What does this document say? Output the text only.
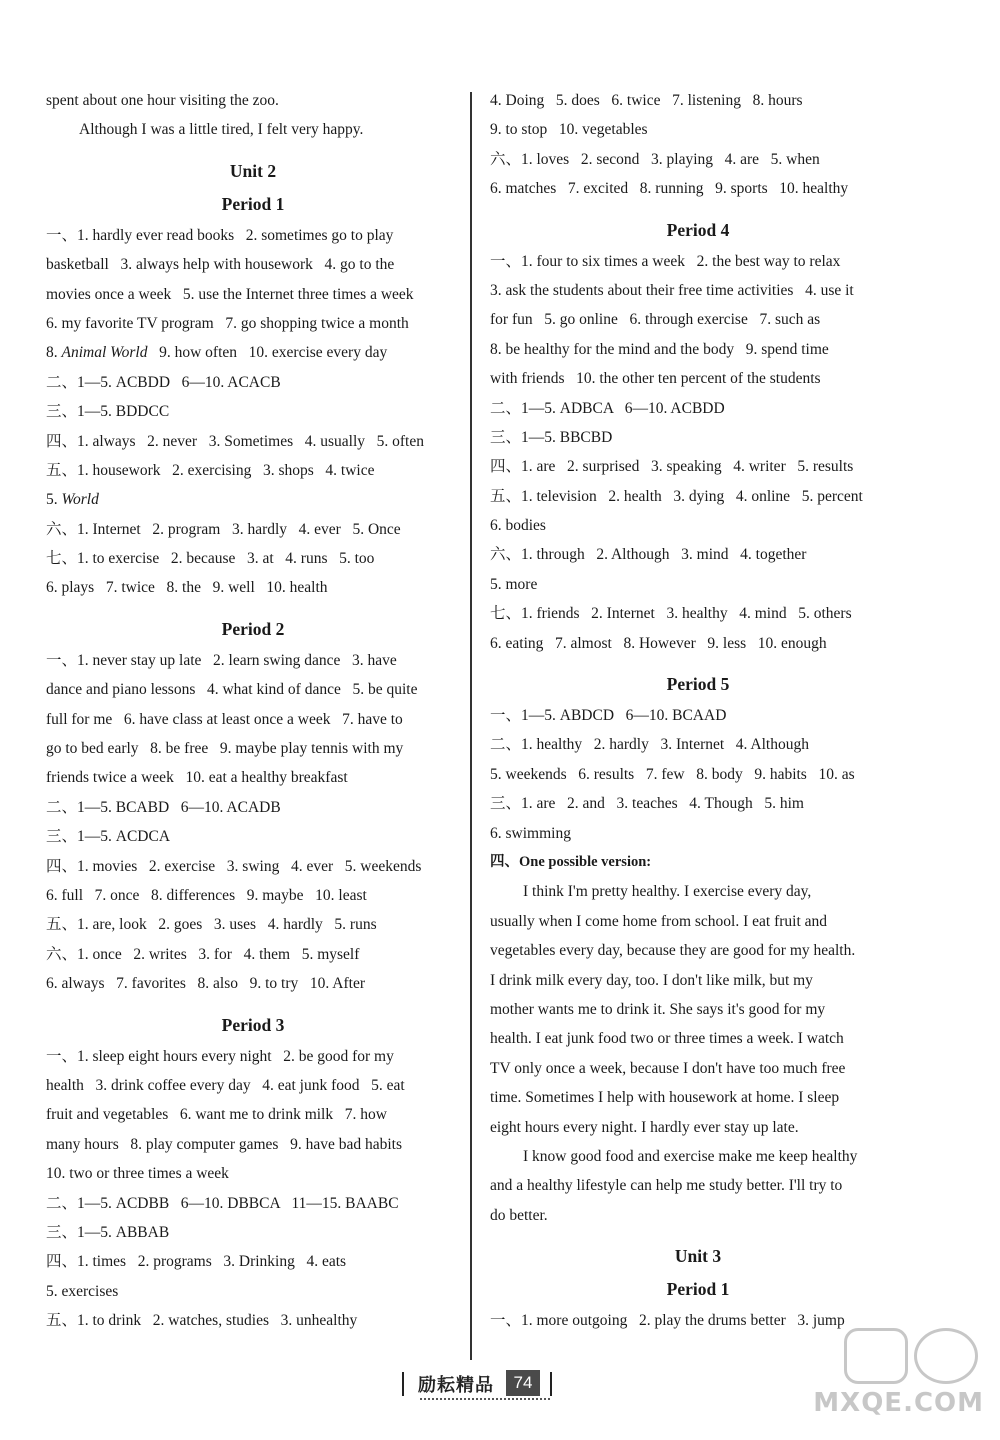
spent about one hour visiting the zoo.
Although I was a little tired, I felt very happy.
Unit 2
Period 1
一、1. hardly ever read books   2. sometimes go to play
basketball   3. always help with housework   4. go to the
movies once a week   5. use the Internet three times a week
6. my favorite TV program   7. go shopping twice a month
8. Animal World   9. how often   10. exercise every day
二、1—5. ACBDD   6—10. ACACB
三、1—5. BDDCC
四、1. always   2. never   3. Sometimes   4. usually   5. often
五、1. housework   2. exercising   3. shops   4. twice
5. World
六、1. Internet   2. program   3. hardly   4. ever   5. Once
七、1. to exercise   2. because   3. at   4. runs   5. too
6. plays   7. twice   8. the   9. well   10. health
Period 2
一、1. never stay up late   2. learn swing dance   3. have
dance and piano lessons   4. what kind of dance   5. be quite
full for me   6. have class at least once a week   7. have to
go to bed early   8. be free   9. maybe play tennis with my
friends twice a week   10. eat a healthy breakfast
二、1—5. BCABD   6—10. ACADB
三、1—5. ACDCA
四、1. movies   2. exercise   3. swing   4. ever   5. weekends
6. full   7. once   8. differences   9. maybe   10. least
五、1. are, look   2. goes   3. uses   4. hardly   5. runs
六、1. once   2. writes   3. for   4. them   5. myself
6. always   7. favorites   8. also   9. to try   10. After
Period 3
一、1. sleep eight hours every night   2. be good for my
health   3. drink coffee every day   4. eat junk food   5. eat
fruit and vegetables   6. want me to drink milk   7. how
many hours   8. play computer games   9. have bad habits
10. two or three times a week
二、1—5. ACDBB   6—10. DBBCA   11—15. BAABC
三、1—5. ABBAB
四、1. times   2. programs   3. Drinking   4. eats
5. exercises
五、1. to drink   2. watches, studies   3. unhealthy
4. Doing   5. does   6. twice   7. listening   8. hours
9. to stop   10. vegetables
六、1. loves   2. second   3. playing   4. are   5. when
6. matches   7. excited   8. running   9. sports   10. healthy
Period 4
一、1. four to six times a week   2. the best way to relax
3. ask the students about their free time activities   4. use it
for fun   5. go online   6. through exercise   7. such as
8. be healthy for the mind and the body   9. spend time
with friends   10. the other ten percent of the students
二、1—5. ADBCA   6—10. ACBDD
三、1—5. BBCBD
四、1. are   2. surprised   3. speaking   4. writer   5. results
五、1. television   2. health   3. dying   4. online   5. percent
6. bodies
六、1. through   2. Although   3. mind   4. together
5. more
七、1. friends   2. Internet   3. healthy   4. mind   5. others
6. eating   7. almost   8. However   9. less   10. enough
Period 5
一、1—5. ABDCD   6—10. BCAAD
二、1. healthy   2. hardly   3. Internet   4. Although
5. weekends   6. results   7. few   8. body   9. habits   10. as
三、1. are   2. and   3. teaches   4. Though   5. him
6. swimming
四、One possible version:
I think I'm pretty healthy. I exercise every day,
usually when I come home from school. I eat fruit and
vegetables every day, because they are good for my health.
I drink milk every day, too. I don't like milk, but my
mother wants me to drink it. She says it's good for my
health. I eat junk food two or three times a week. I watch
TV only once a week, because I don't have too much free
time. Sometimes I help with housework at home. I sleep
eight hours every night. I hardly ever stay up late.
I know good food and exercise make me keep healthy
and a healthy lifestyle can help me study better. I'll try to
do better.
Unit 3
Period 1
一、1. more outgoing   2. play the drums better   3. jump
励耘精品	74
MXQE.COM
